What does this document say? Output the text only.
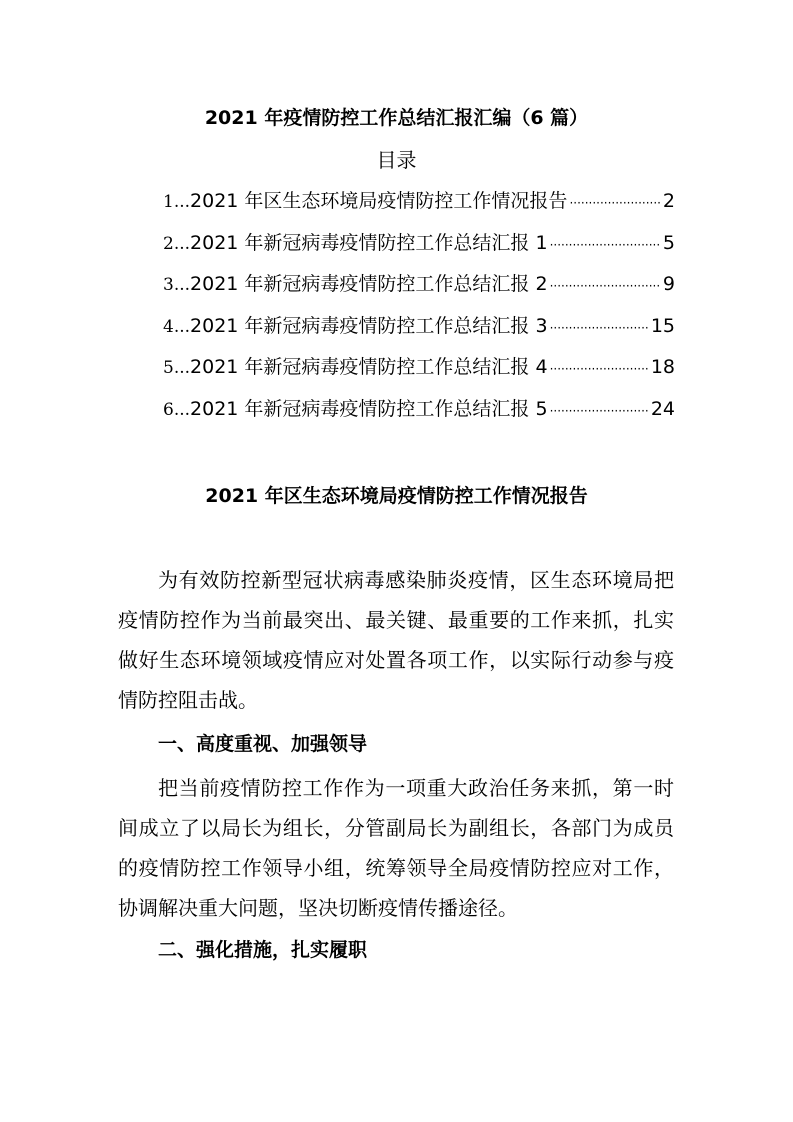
2021 年疫情防控工作总结汇报汇编（6 篇）
目录
1... 2021 年区生态环境局疫情防控工作情况报告 ·····	2
2... 2021 年新冠病毒疫情防控工作总结汇报 1 ·····	5
3... 2021 年新冠病毒疫情防控工作总结汇报 2 ·····	9
4... 2021 年新冠病毒疫情防控工作总结汇报 3 ·····	15
5... 2021 年新冠病毒疫情防控工作总结汇报 4 ·····	18
6... 2021 年新冠病毒疫情防控工作总结汇报 5 ·····	24
2021 年区生态环境局疫情防控工作情况报告

为有效防控新型冠状病毒感染肺炎疫情，区生态环境局把疫情防控作为当前最突出、最关键、最重要的工作来抓，扎实做好生态环境领域疫情应对处置各项工作，以实际行动参与疫情防控阻击战。

一、高度重视、加强领导

把当前疫情防控工作作为一项重大政治任务来抓，第一时间成立了以局长为组长，分管副局长为副组长，各部门为成员的疫情防控工作领导小组，统筹领导全局疫情防控应对工作，协调解决重大问题，坚决切断疫情传播途径。

二、强化措施，扎实履职
